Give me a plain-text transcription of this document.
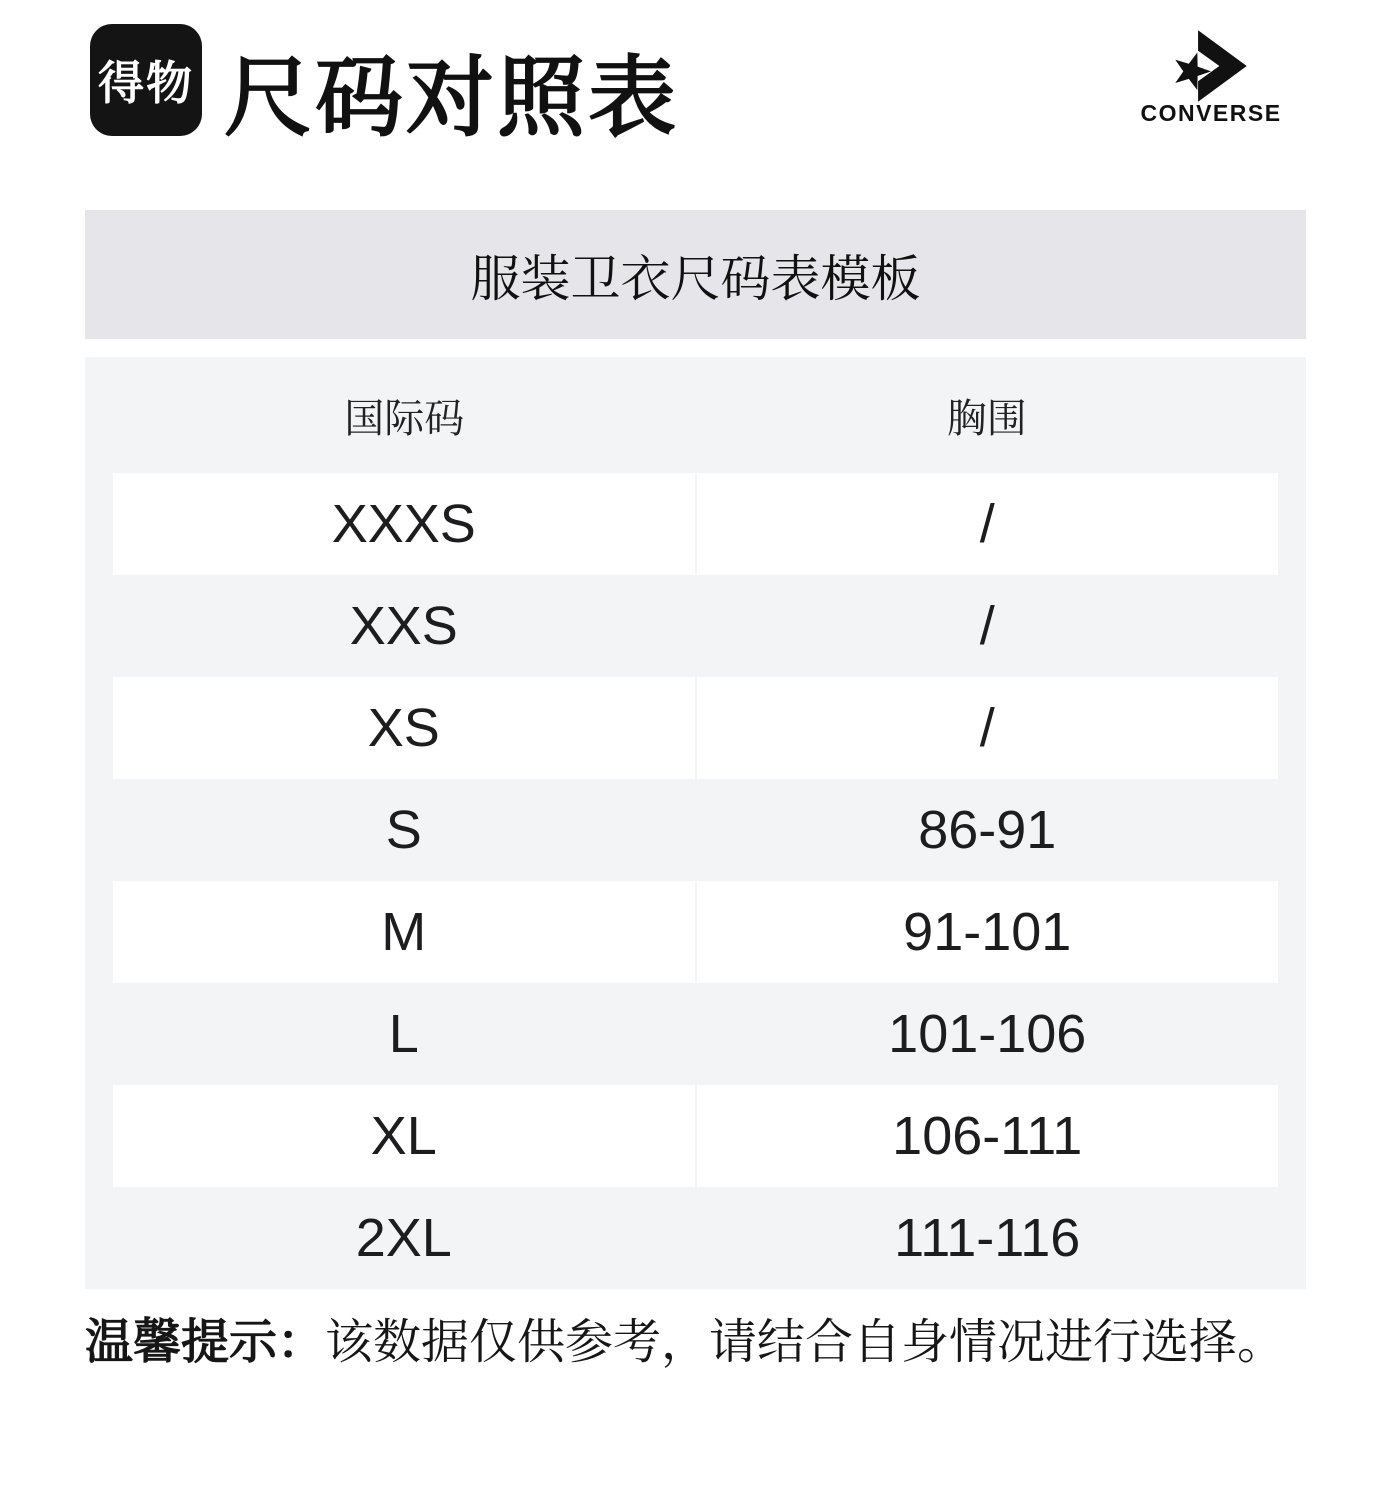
得物 尺码对照表	CONVERSE
服装卫衣尺码表模板
国际码	胸围
XXXS	/
XXS	/
XS	/
S	86-91
M	91-101
L	101-106
XL	106-111
2XL	111-116

温馨提示：该数据仅供参考，请结合自身情况进行选择。
